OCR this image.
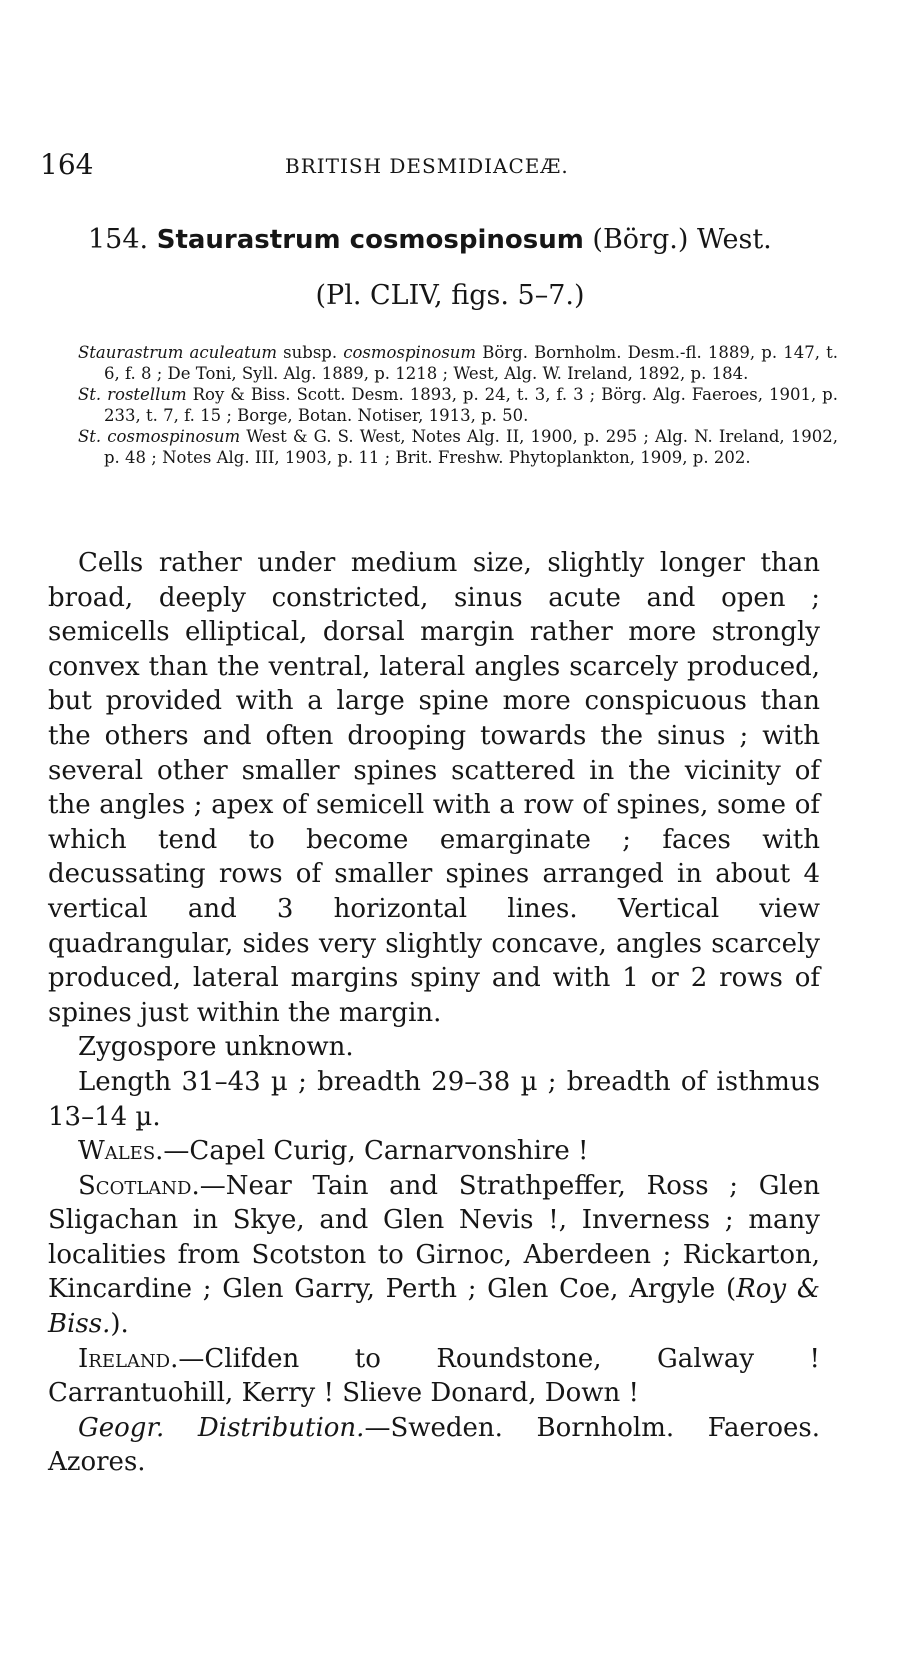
164	BRITISH DESMIDIACEÆ.
154. Staurastrum cosmospinosum (Börg.) West.
(Pl. CLIV, figs. 5–7.)

Staurastrum aculeatum subsp. cosmospinosum Börg. Bornholm. Desm.-fl. 1889, p. 147, t. 6, f. 8 ; De Toni, Syll. Alg. 1889, p. 1218 ; West, Alg. W. Ireland, 1892, p. 184.

St. rostellum Roy & Biss. Scott. Desm. 1893, p. 24, t. 3, f. 3 ; Börg. Alg. Faeroes, 1901, p. 233, t. 7, f. 15 ; Borge, Botan. Notiser, 1913, p. 50.

St. cosmospinosum West & G. S. West, Notes Alg. II, 1900, p. 295 ; Alg. N. Ireland, 1902, p. 48 ; Notes Alg. III, 1903, p. 11 ; Brit. Freshw. Phytoplankton, 1909, p. 202.

Cells rather under medium size, slightly longer than broad, deeply constricted, sinus acute and open ; semicells elliptical, dorsal margin rather more strongly convex than the ventral, lateral angles scarcely produced, but provided with a large spine more conspicuous than the others and often drooping towards the sinus ; with several other smaller spines scattered in the vicinity of the angles ; apex of semicell with a row of spines, some of which tend to become emarginate ; faces with decussating rows of smaller spines arranged in about 4 vertical and 3 horizontal lines. Vertical view quadrangular, sides very slightly concave, angles scarcely produced, lateral margins spiny and with 1 or 2 rows of spines just within the margin.

Zygospore unknown.

Length 31–43 µ ; breadth 29–38 µ ; breadth of isthmus 13–14 µ.

Wales.—Capel Curig, Carnarvonshire !

Scotland.—Near Tain and Strathpeffer, Ross ; Glen Sligachan in Skye, and Glen Nevis !, Inverness ; many localities from Scotston to Girnoc, Aberdeen ; Rickarton, Kincardine ; Glen Garry, Perth ; Glen Coe, Argyle (Roy & Biss.).

Ireland.—Clifden to Roundstone, Galway ! Carrantuohill, Kerry ! Slieve Donard, Down !

Geogr. Distribution.—Sweden. Bornholm. Faeroes. Azores.
